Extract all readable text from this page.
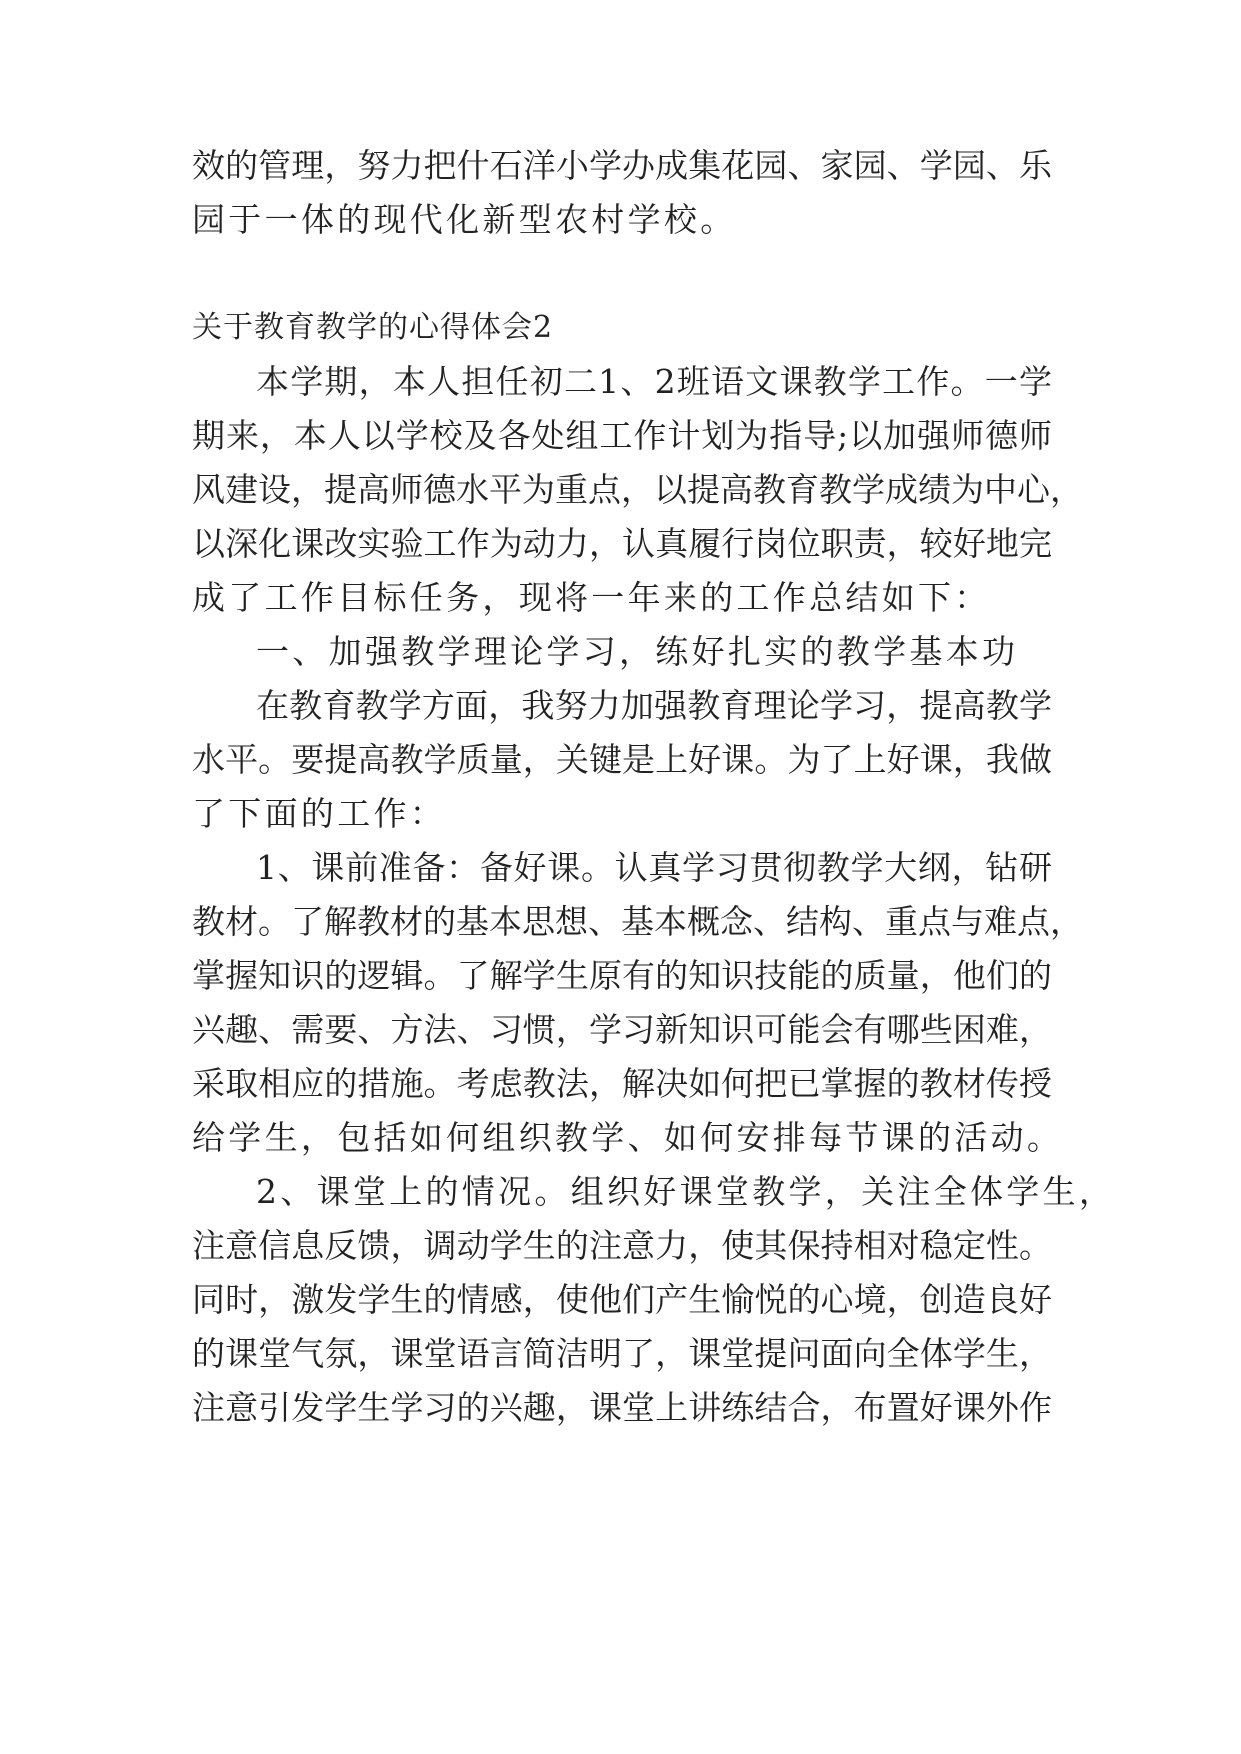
效的管理，努力把什石洋小学办成集花园、家园、学园、乐
园于一体的现代化新型农村学校。
关于教育教学的心得体会2
本学期，本人担任初二1、2班语文课教学工作。一学
期来，本人以学校及各处组工作计划为指导;以加强师德师
风建设，提高师德水平为重点，以提高教育教学成绩为中心，
以深化课改实验工作为动力，认真履行岗位职责，较好地完
成了工作目标任务，现将一年来的工作总结如下：
一、加强教学理论学习，练好扎实的教学基本功
在教育教学方面，我努力加强教育理论学习，提高教学
水平。要提高教学质量，关键是上好课。为了上好课，我做
了下面的工作：
1、课前准备：备好课。认真学习贯彻教学大纲，钻研
教材。了解教材的基本思想、基本概念、结构、重点与难点，
掌握知识的逻辑。了解学生原有的知识技能的质量，他们的
兴趣、需要、方法、习惯，学习新知识可能会有哪些困难，
采取相应的措施。考虑教法，解决如何把已掌握的教材传授
给学生，包括如何组织教学、如何安排每节课的活动。
2、课堂上的情况。组织好课堂教学，关注全体学生，
注意信息反馈，调动学生的注意力，使其保持相对稳定性。
同时，激发学生的情感，使他们产生愉悦的心境，创造良好
的课堂气氛，课堂语言简洁明了，课堂提问面向全体学生，
注意引发学生学习的兴趣，课堂上讲练结合，布置好课外作
